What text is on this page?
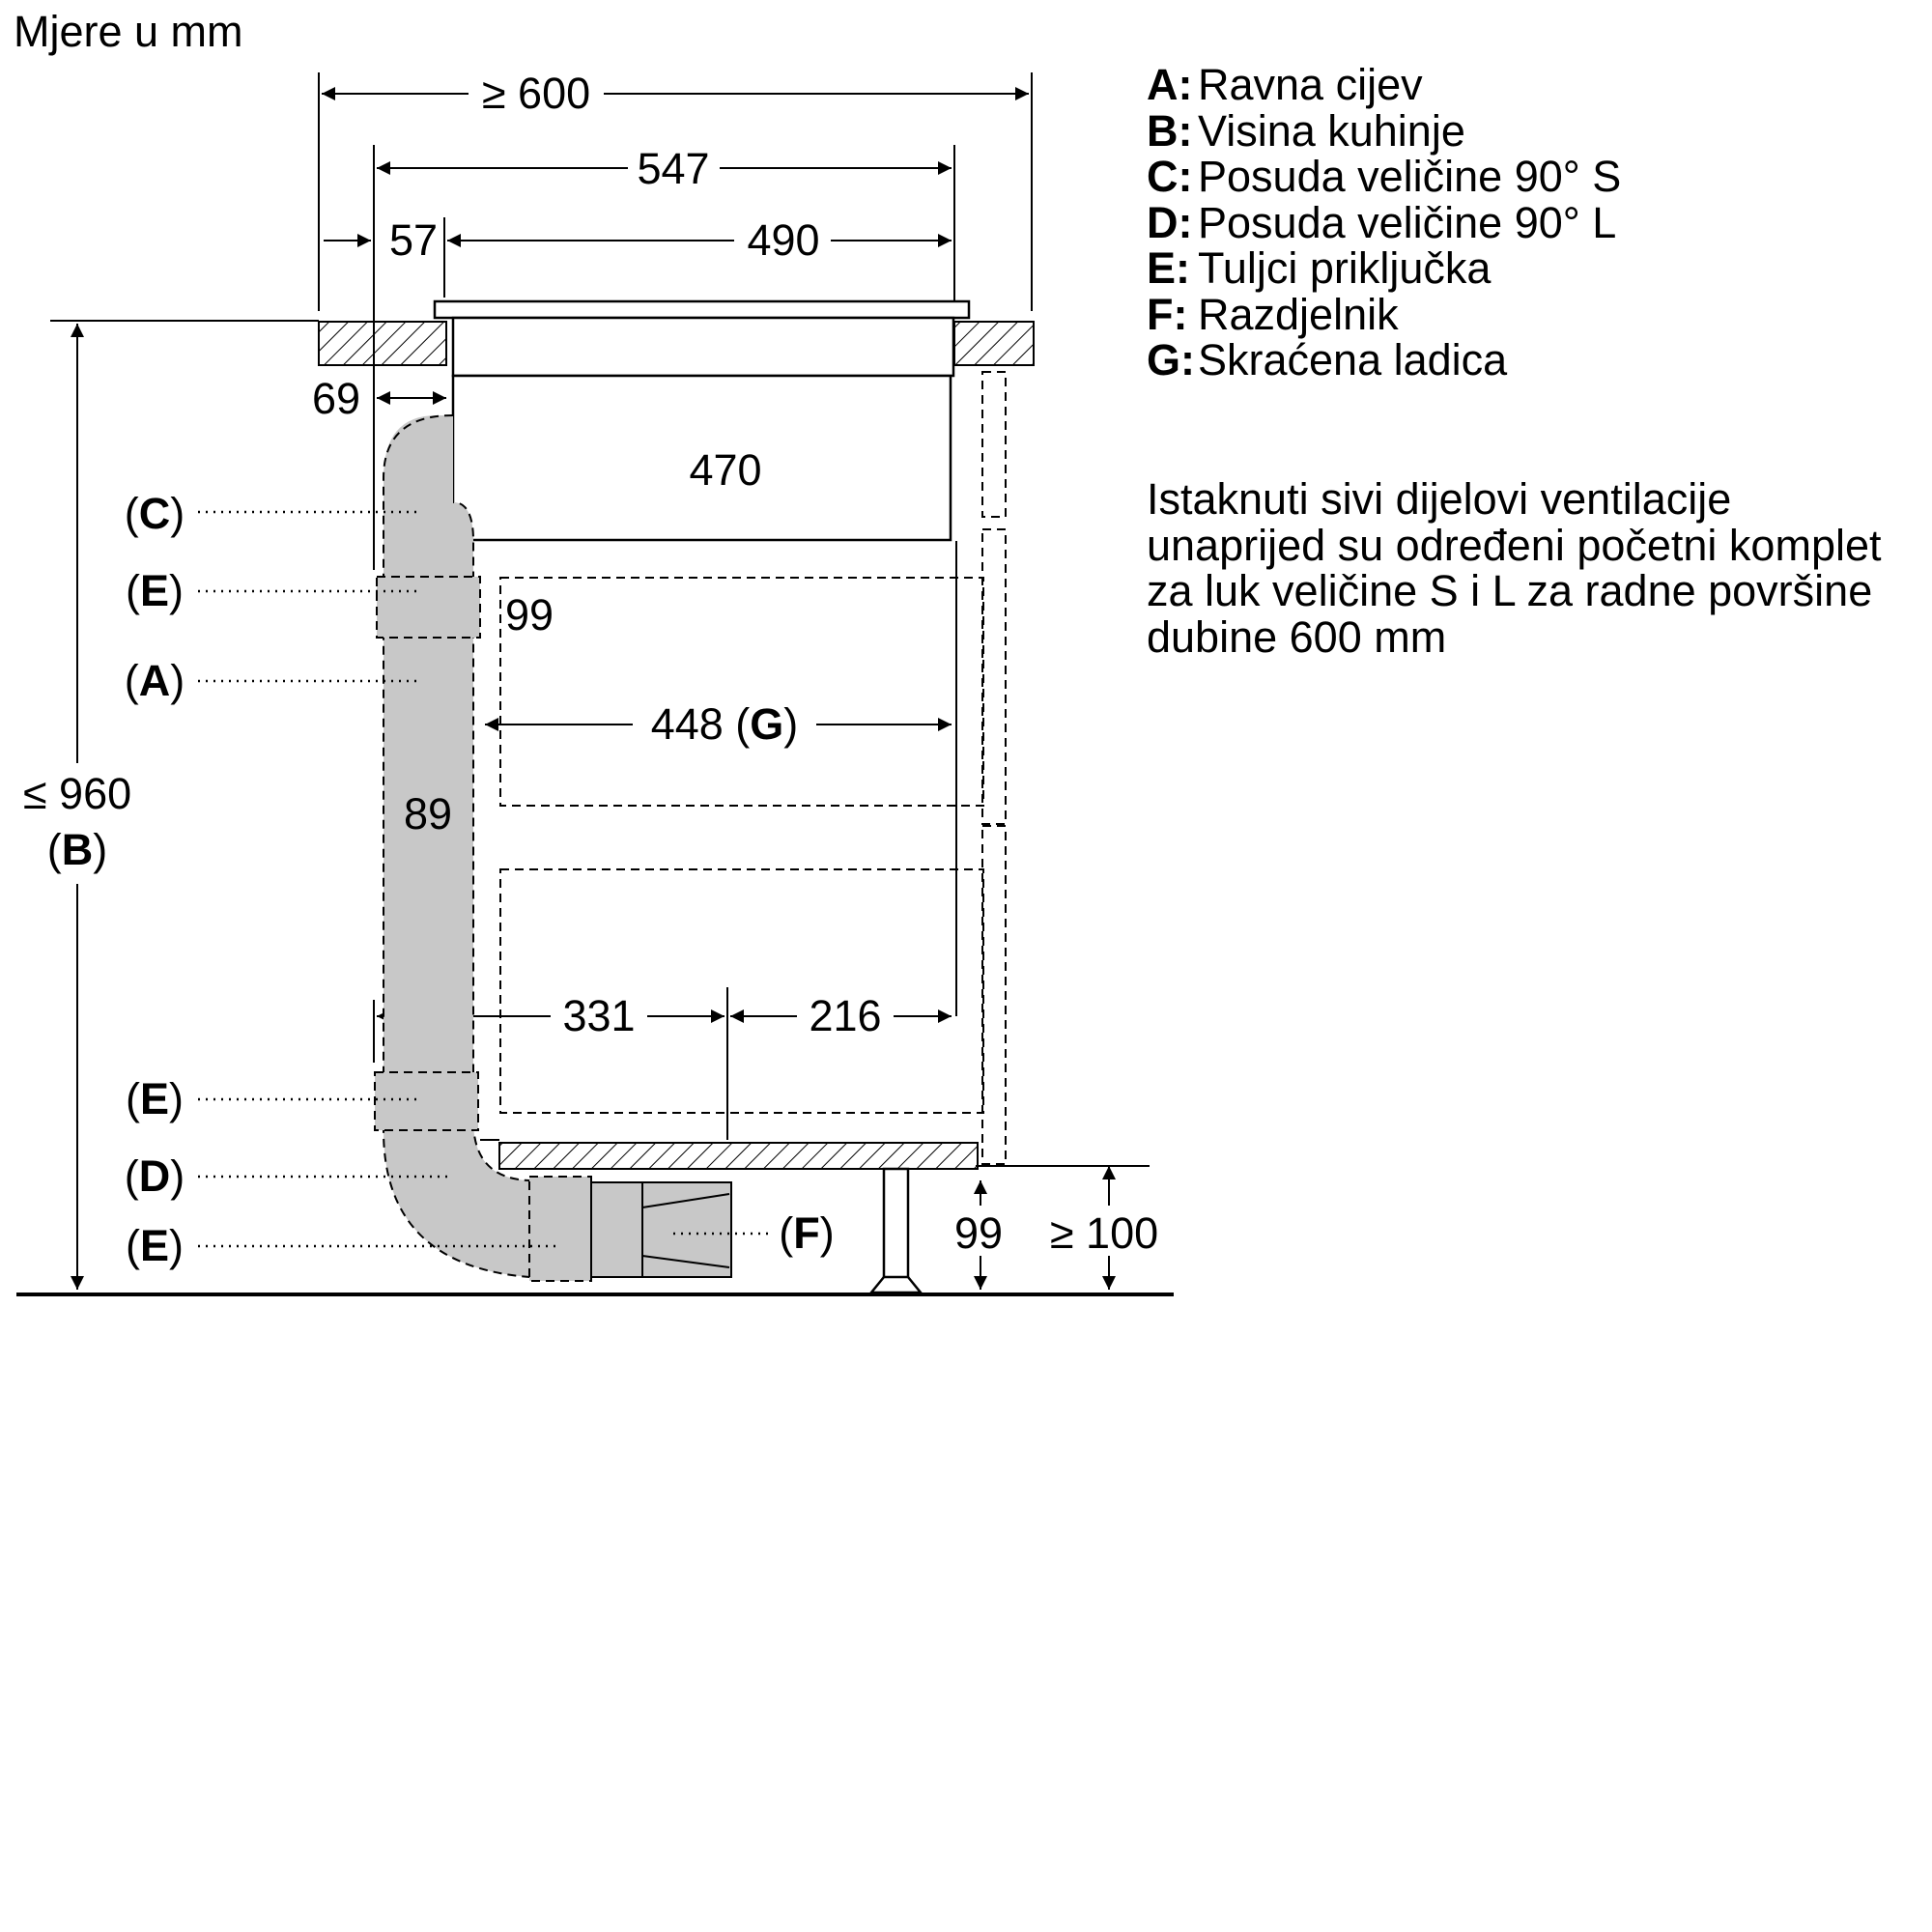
Mjere u mm
≥ 600
547
57	490
69
470
99
448 (G)
89
331	216
99 ≥ 100
≤ 960
(B)
(C)
(E)
(A)
(E)
(D)
(E)	(F)
A: Ravna cijev
B: Visina kuhinje
C: Posuda veličine 90° S
D: Posuda veličine 90° L
E: Tuljci priključka
F: Razdjelnik
G: Skraćena ladica
Istaknuti sivi dijelovi ventilacije
unaprijed su određeni početni komplet
za luk veličine S i L za radne površine
dubine 600 mm
